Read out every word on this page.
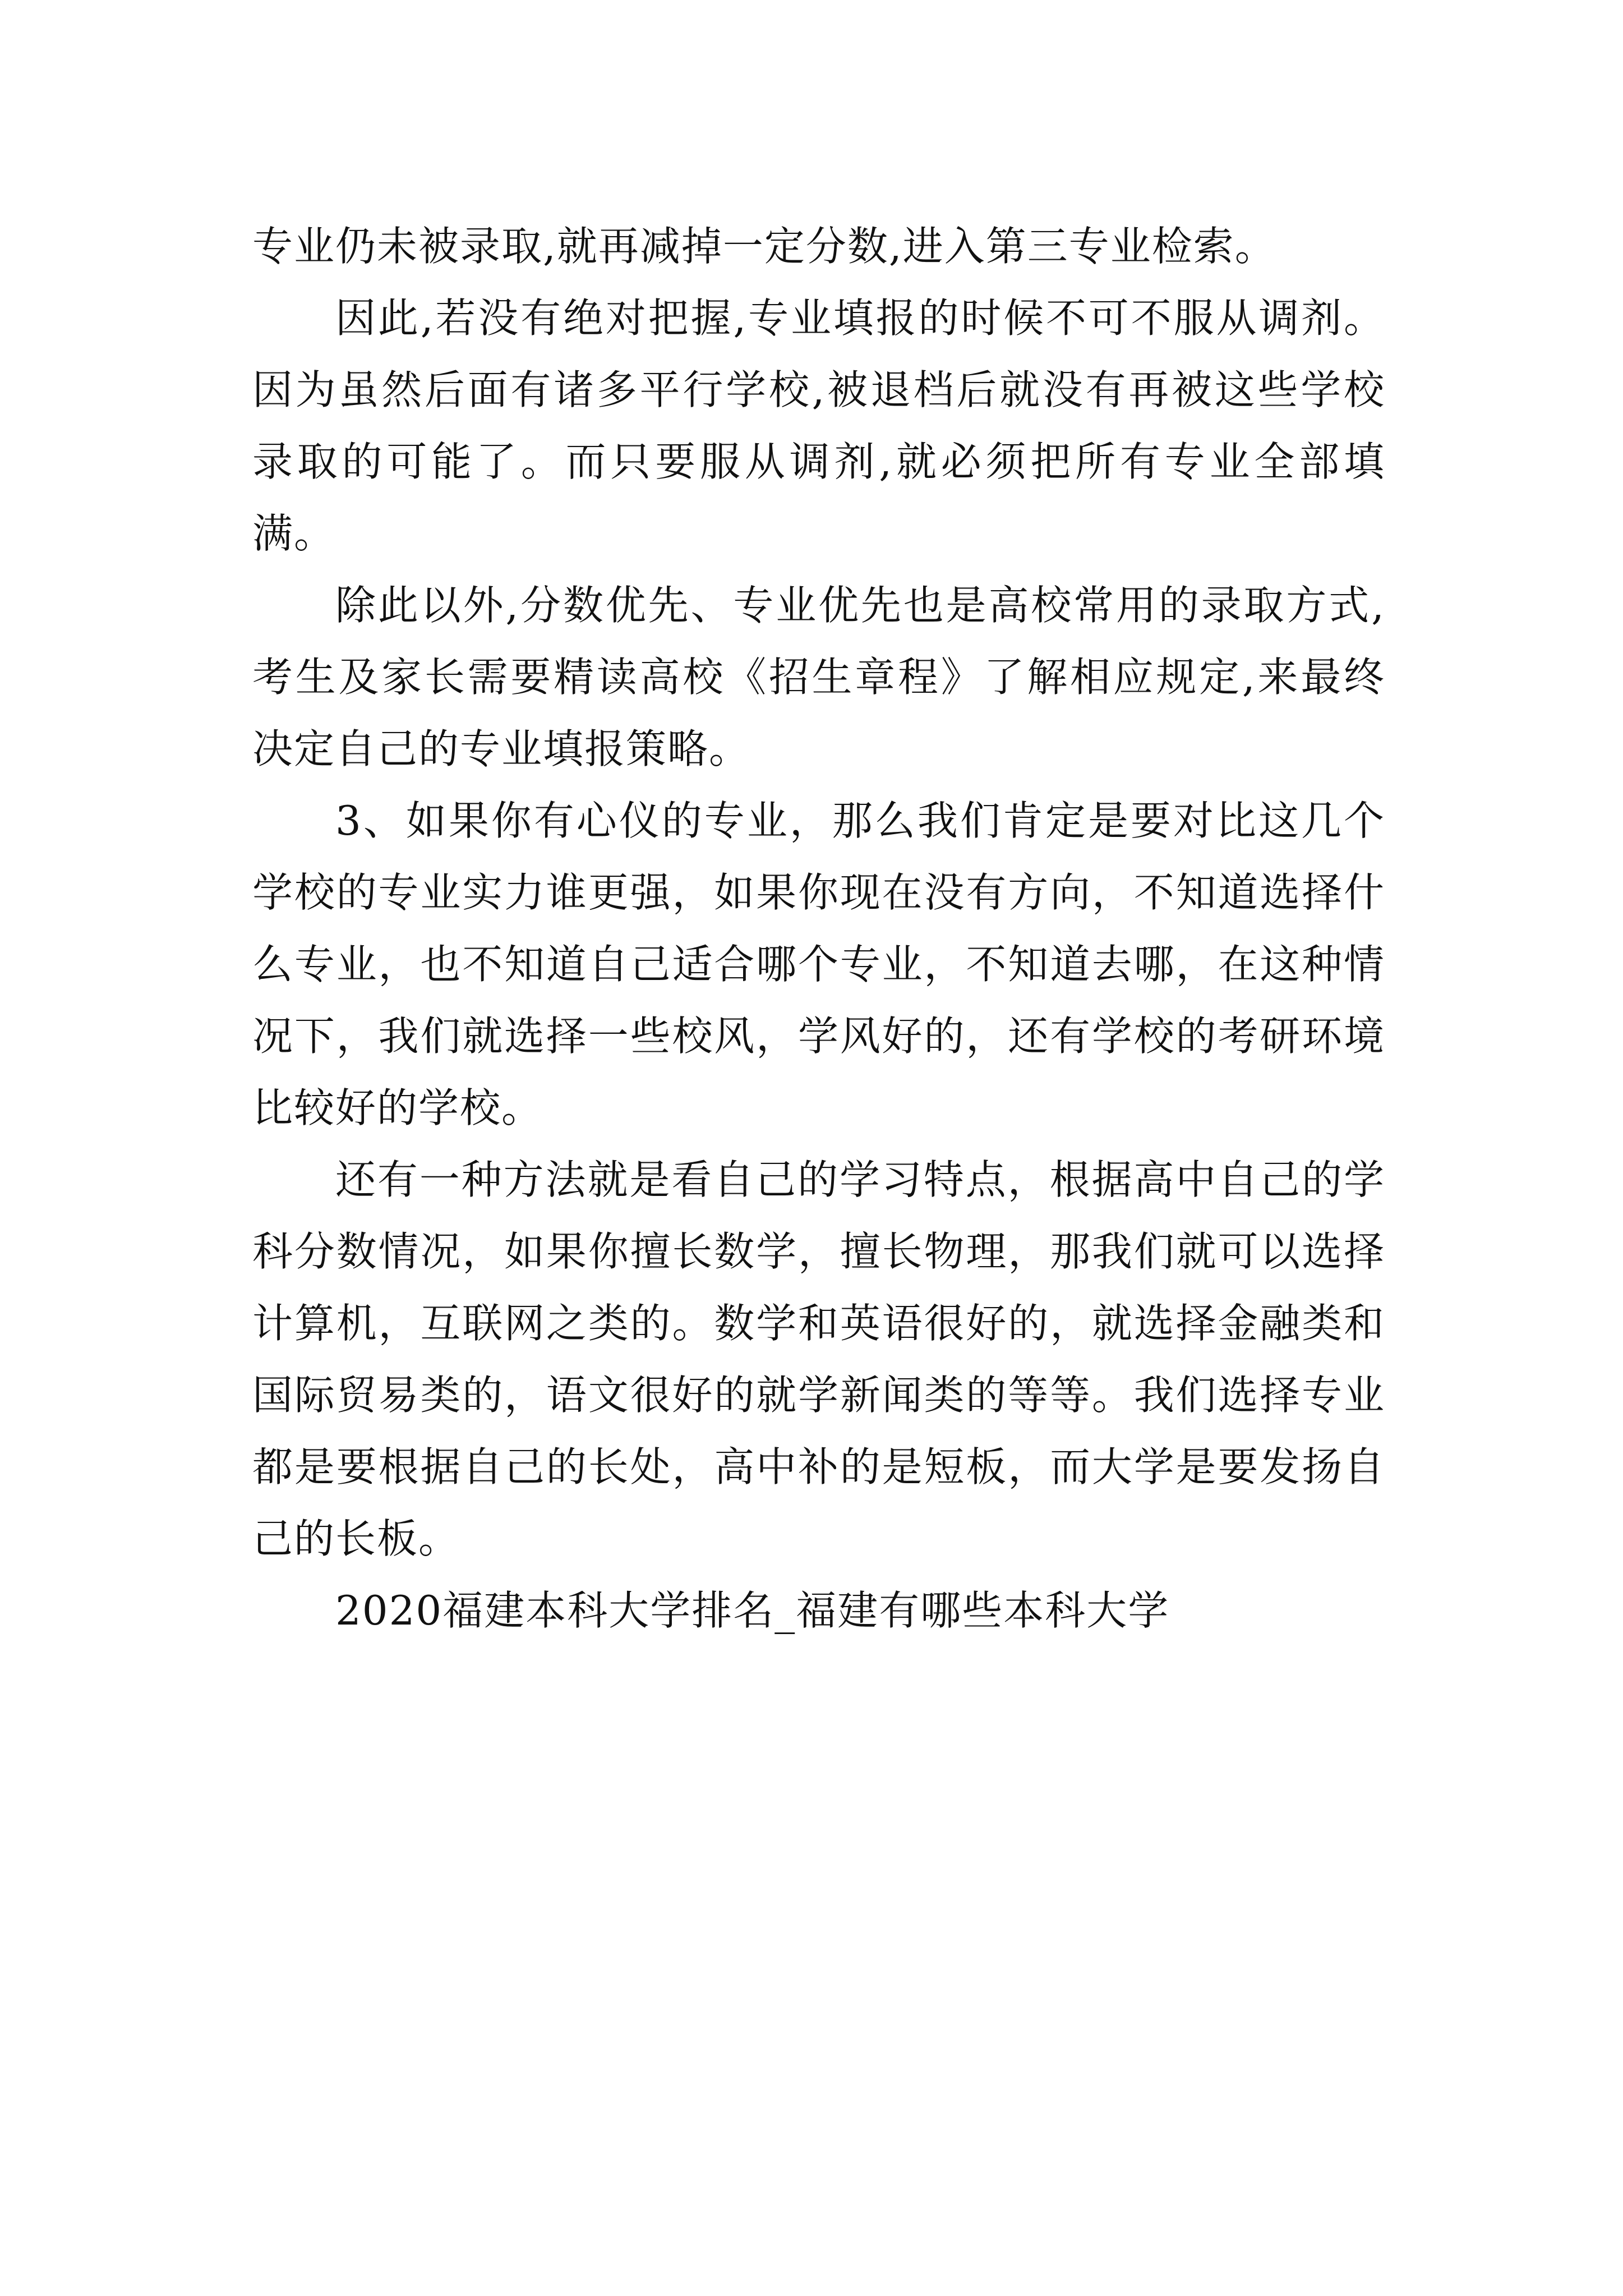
专业仍未被录取,就再减掉一定分数,进入第三专业检索。

因此,若没有绝对把握,专业填报的时候不可不服从调剂。因为虽然后面有诸多平行学校,被退档后就没有再被这些学校录取的可能了。而只要服从调剂,就必须把所有专业全部填满。

除此以外,分数优先、专业优先也是高校常用的录取方式,考生及家长需要精读高校《招生章程》了解相应规定,来最终决定自己的专业填报策略。

3、如果你有心仪的专业，那么我们肯定是要对比这几个学校的专业实力谁更强，如果你现在没有方向，不知道选择什么专业，也不知道自己适合哪个专业，不知道去哪，在这种情况下，我们就选择一些校风，学风好的，还有学校的考研环境比较好的学校。

还有一种方法就是看自己的学习特点，根据高中自己的学科分数情况，如果你擅长数学，擅长物理，那我们就可以选择计算机，互联网之类的。数学和英语很好的，就选择金融类和国际贸易类的，语文很好的就学新闻类的等等。我们选择专业都是要根据自己的长处，高中补的是短板，而大学是要发扬自己的长板。

2020福建本科大学排名_福建有哪些本科大学
